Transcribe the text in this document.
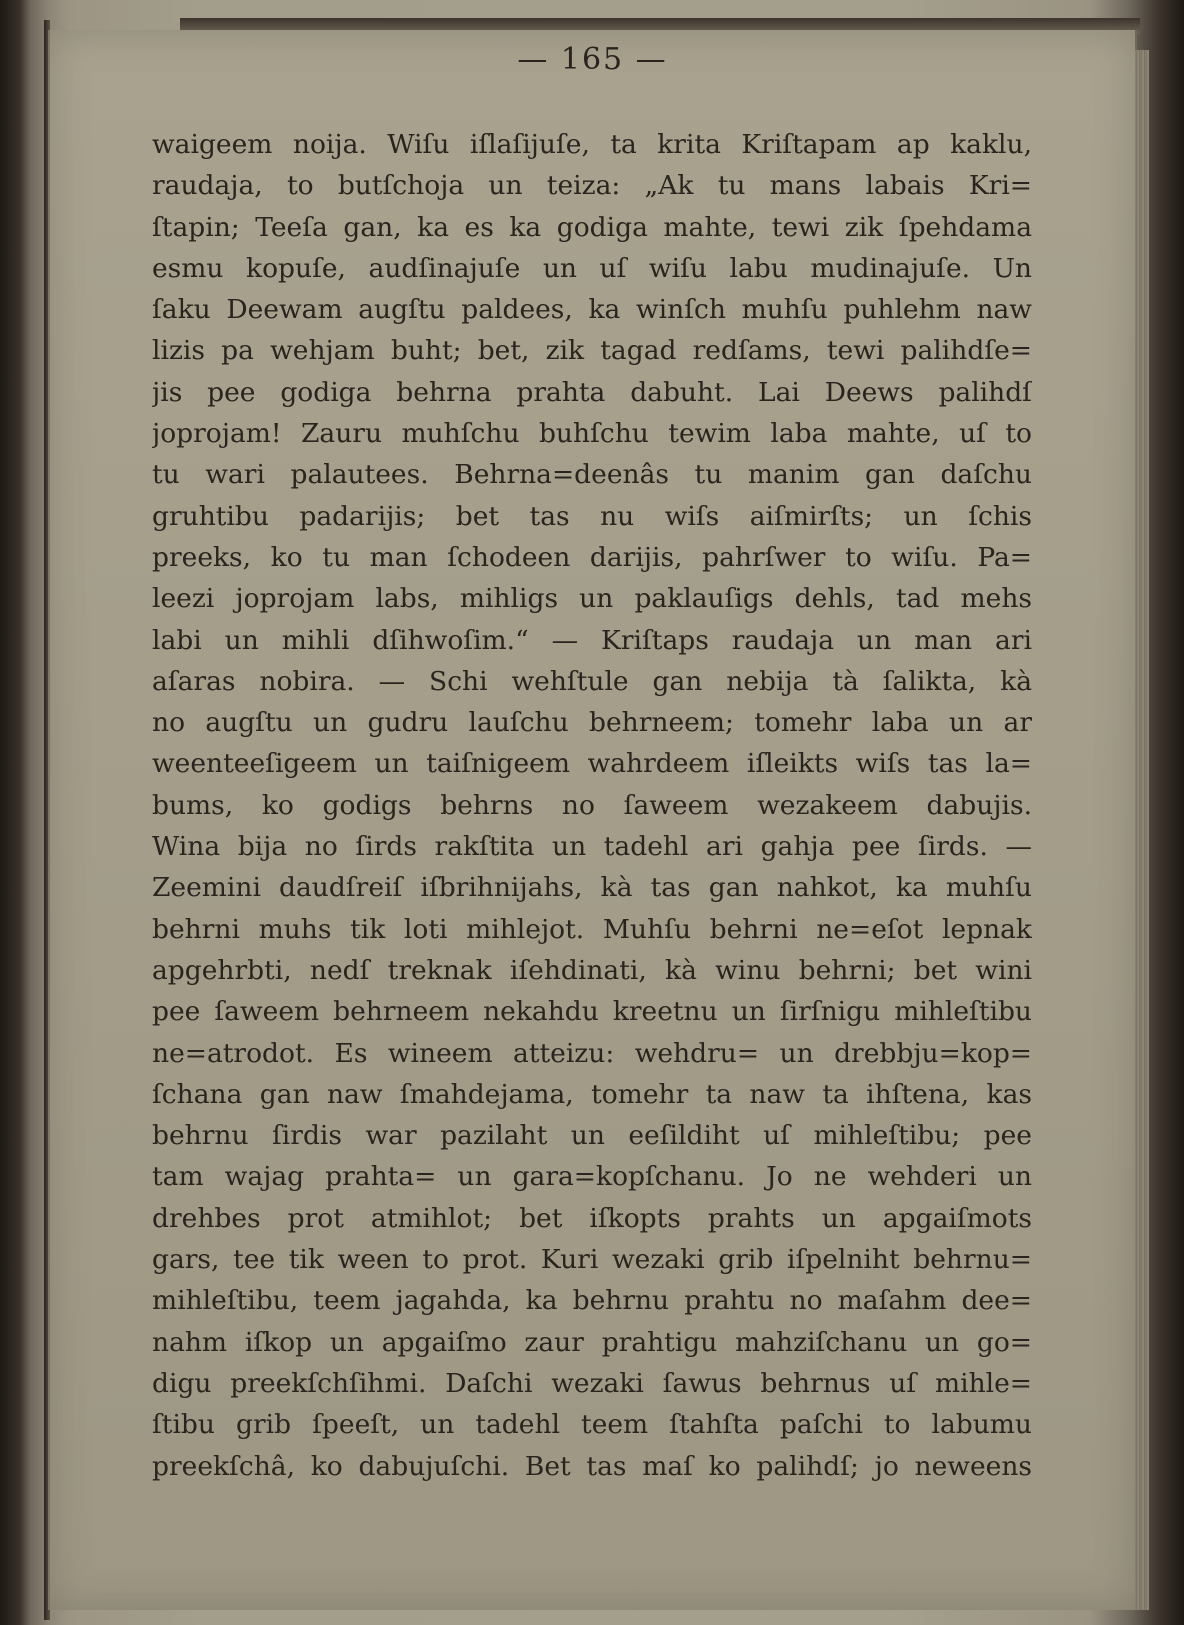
— 165 —
waigeem noija. Wiſu iſlaſijuſe, ta krita Kriſtapam ap kaklu,
raudaja, to butſchoja un teiza: „Ak tu mans labais Kri=
ſtapin; Teeſa gan, ka es ka godiga mahte, tewi zik ſpehdama
esmu kopuſe, audſinajuſe un uſ wiſu labu mudinajuſe. Un
ſaku Deewam augſtu paldees, ka winſch muhſu puhlehm naw
lizis pa wehjam buht; bet, zik tagad redſams, tewi palihdſe=
jis pee godiga behrna prahta dabuht. Lai Deews palihdſ
joprojam! Zauru muhſchu buhſchu tewim laba mahte, uſ to
tu wari palautees. Behrna=deenâs tu manim gan daſchu
gruhtibu padarijis; bet tas nu wiſs aiſmirſts; un ſchis
preeks, ko tu man ſchodeen darijis, pahrſwer to wiſu. Pa=
leezi joprojam labs, mihligs un paklauſigs dehls, tad mehs
labi un mihli dſihwoſim.“ — Kriſtaps raudaja un man ari
aſaras nobira. — Schi wehſtule gan nebija tà ſalikta, kà
no augſtu un gudru lauſchu behrneem; tomehr laba un ar
weenteeſigeem un taiſnigeem wahrdeem iſleikts wiſs tas la=
bums, ko godigs behrns no ſaweem wezakeem dabujis.
Wina bija no ſirds rakſtita un tadehl ari gahja pee ſirds. —
Zeemini daudſreiſ iſbrihnijahs, kà tas gan nahkot, ka muhſu
behrni muhs tik loti mihlejot. Muhſu behrni ne=eſot lepnak
apgehrbti, nedſ treknak iſehdinati, kà winu behrni; bet wini
pee ſaweem behrneem nekahdu kreetnu un ſirſnigu mihleſtibu
ne=atrodot. Es wineem atteizu: wehdru= un drebbju=kop=
ſchana gan naw ſmahdejama, tomehr ta naw ta ihſtena, kas
behrnu ſirdis war pazilaht un eeſildiht uſ mihleſtibu; pee
tam wajag prahta= un gara=kopſchanu. Jo ne wehderi un
drehbes prot atmihlot; bet iſkopts prahts un apgaiſmots
gars, tee tik ween to prot. Kuri wezaki grib iſpelniht behrnu=
mihleſtibu, teem jagahda, ka behrnu prahtu no maſahm dee=
nahm iſkop un apgaiſmo zaur prahtigu mahziſchanu un go=
digu preekſchſihmi. Daſchi wezaki ſawus behrnus uſ mihle=
ſtibu grib ſpeeſt, un tadehl teem ſtahſta paſchi to labumu
preekſchâ, ko dabujuſchi. Bet tas maſ ko palihdſ; jo neweens
